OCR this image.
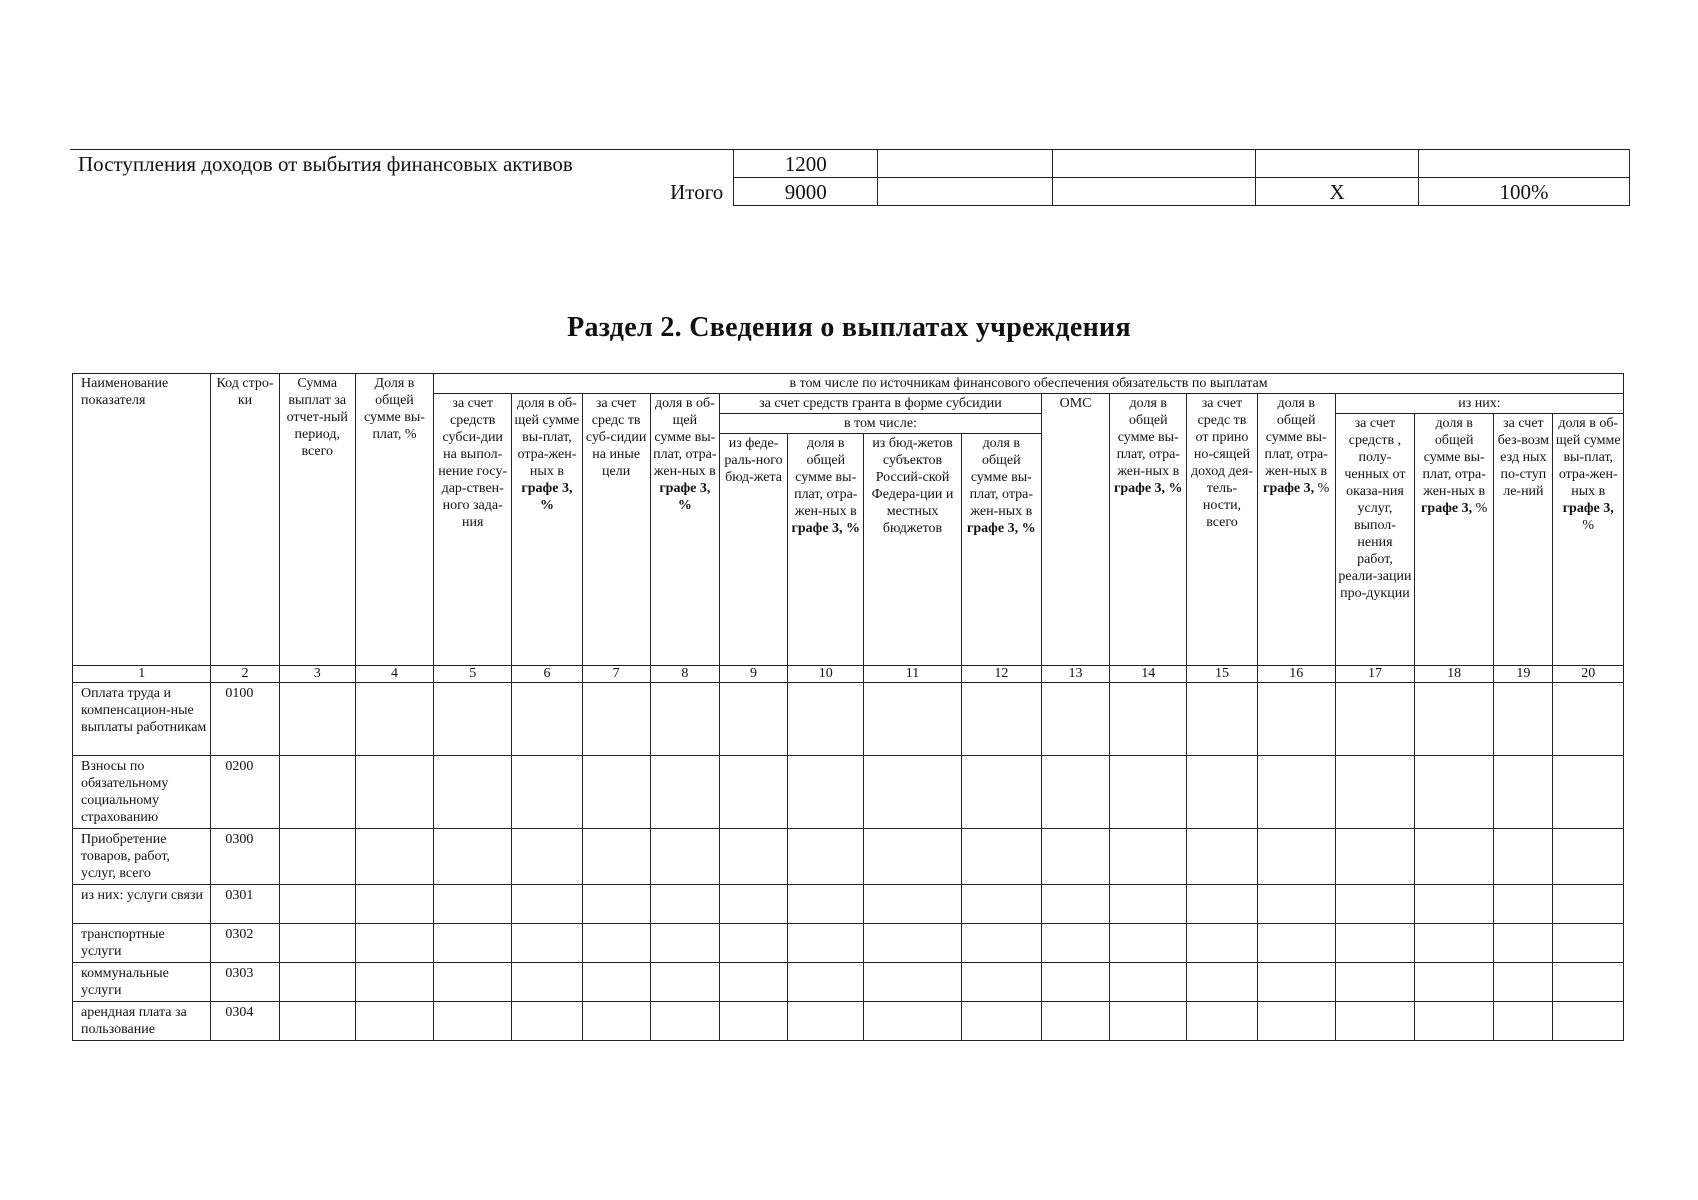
Поступления доходов от выбытия финансовых активов	1200				
Итого	9000			Х	100%
Раздел 2. Сведения о выплатах учреждения
Наименование показателя	Код стро-ки	Сумма выплат за отчет-ный период, всего	Доля в общей сумме вы-плат, %	в том числе по источникам финансового обеспечения обязательств по выплатам															
				за счет средств субси-дии на выпол-нение госу-дар-ствен-ного зада-ния	доля в об-щей сумме вы-плат, отра-жен-ных в графе 3, %	за счет средс тв суб-сидии на иные цели	доля в об-щей сумме вы-плат, отра-жен-ных в графе 3, %	за счет средств гранта в форме субсидии				ОМС	доля в общей сумме вы-плат, отра-жен-ных в графе 3, %	за счет средс тв от прино но-сящей доход дея-тель-ности, всего	доля в общей сумме вы-плат, отра-жен-ных в графе 3, %	из них:			
								в том числе:								за счет средств , полу-ченных от оказа-ния услуг, выпол-нения работ, реали-зации про-дукции	доля в общей сумме вы-плат, отра-жен-ных в графе 3, %	за счет без-возм езд ных по-ступ ле-ний	доля в об-щей сумме вы-плат, отра-жен-ных в графе 3, %
								из феде-раль-ного бюд-жета	доля в общей сумме вы-плат, отра-жен-ных в графе 3, %	из бюд-жетов субъектов Россий-ской Федера-ции и местных бюджетов	доля в общей сумме вы-плат, отра-жен-ных в графе 3, %								
1	2	3	4	5	6	7	8	9	10	11	12	13	14	15	16	17	18	19	20
Оплата труда и компенсацион-ные выплаты работникам	0100																		
Взносы по обязательному социальному страхованию	0200																		
Приобретение товаров, работ, услуг, всего	0300																		
из них: услуги связи	0301																		
транспортные услуги	0302																		
коммунальные услуги	0303																		
арендная плата за пользование	0304																		
